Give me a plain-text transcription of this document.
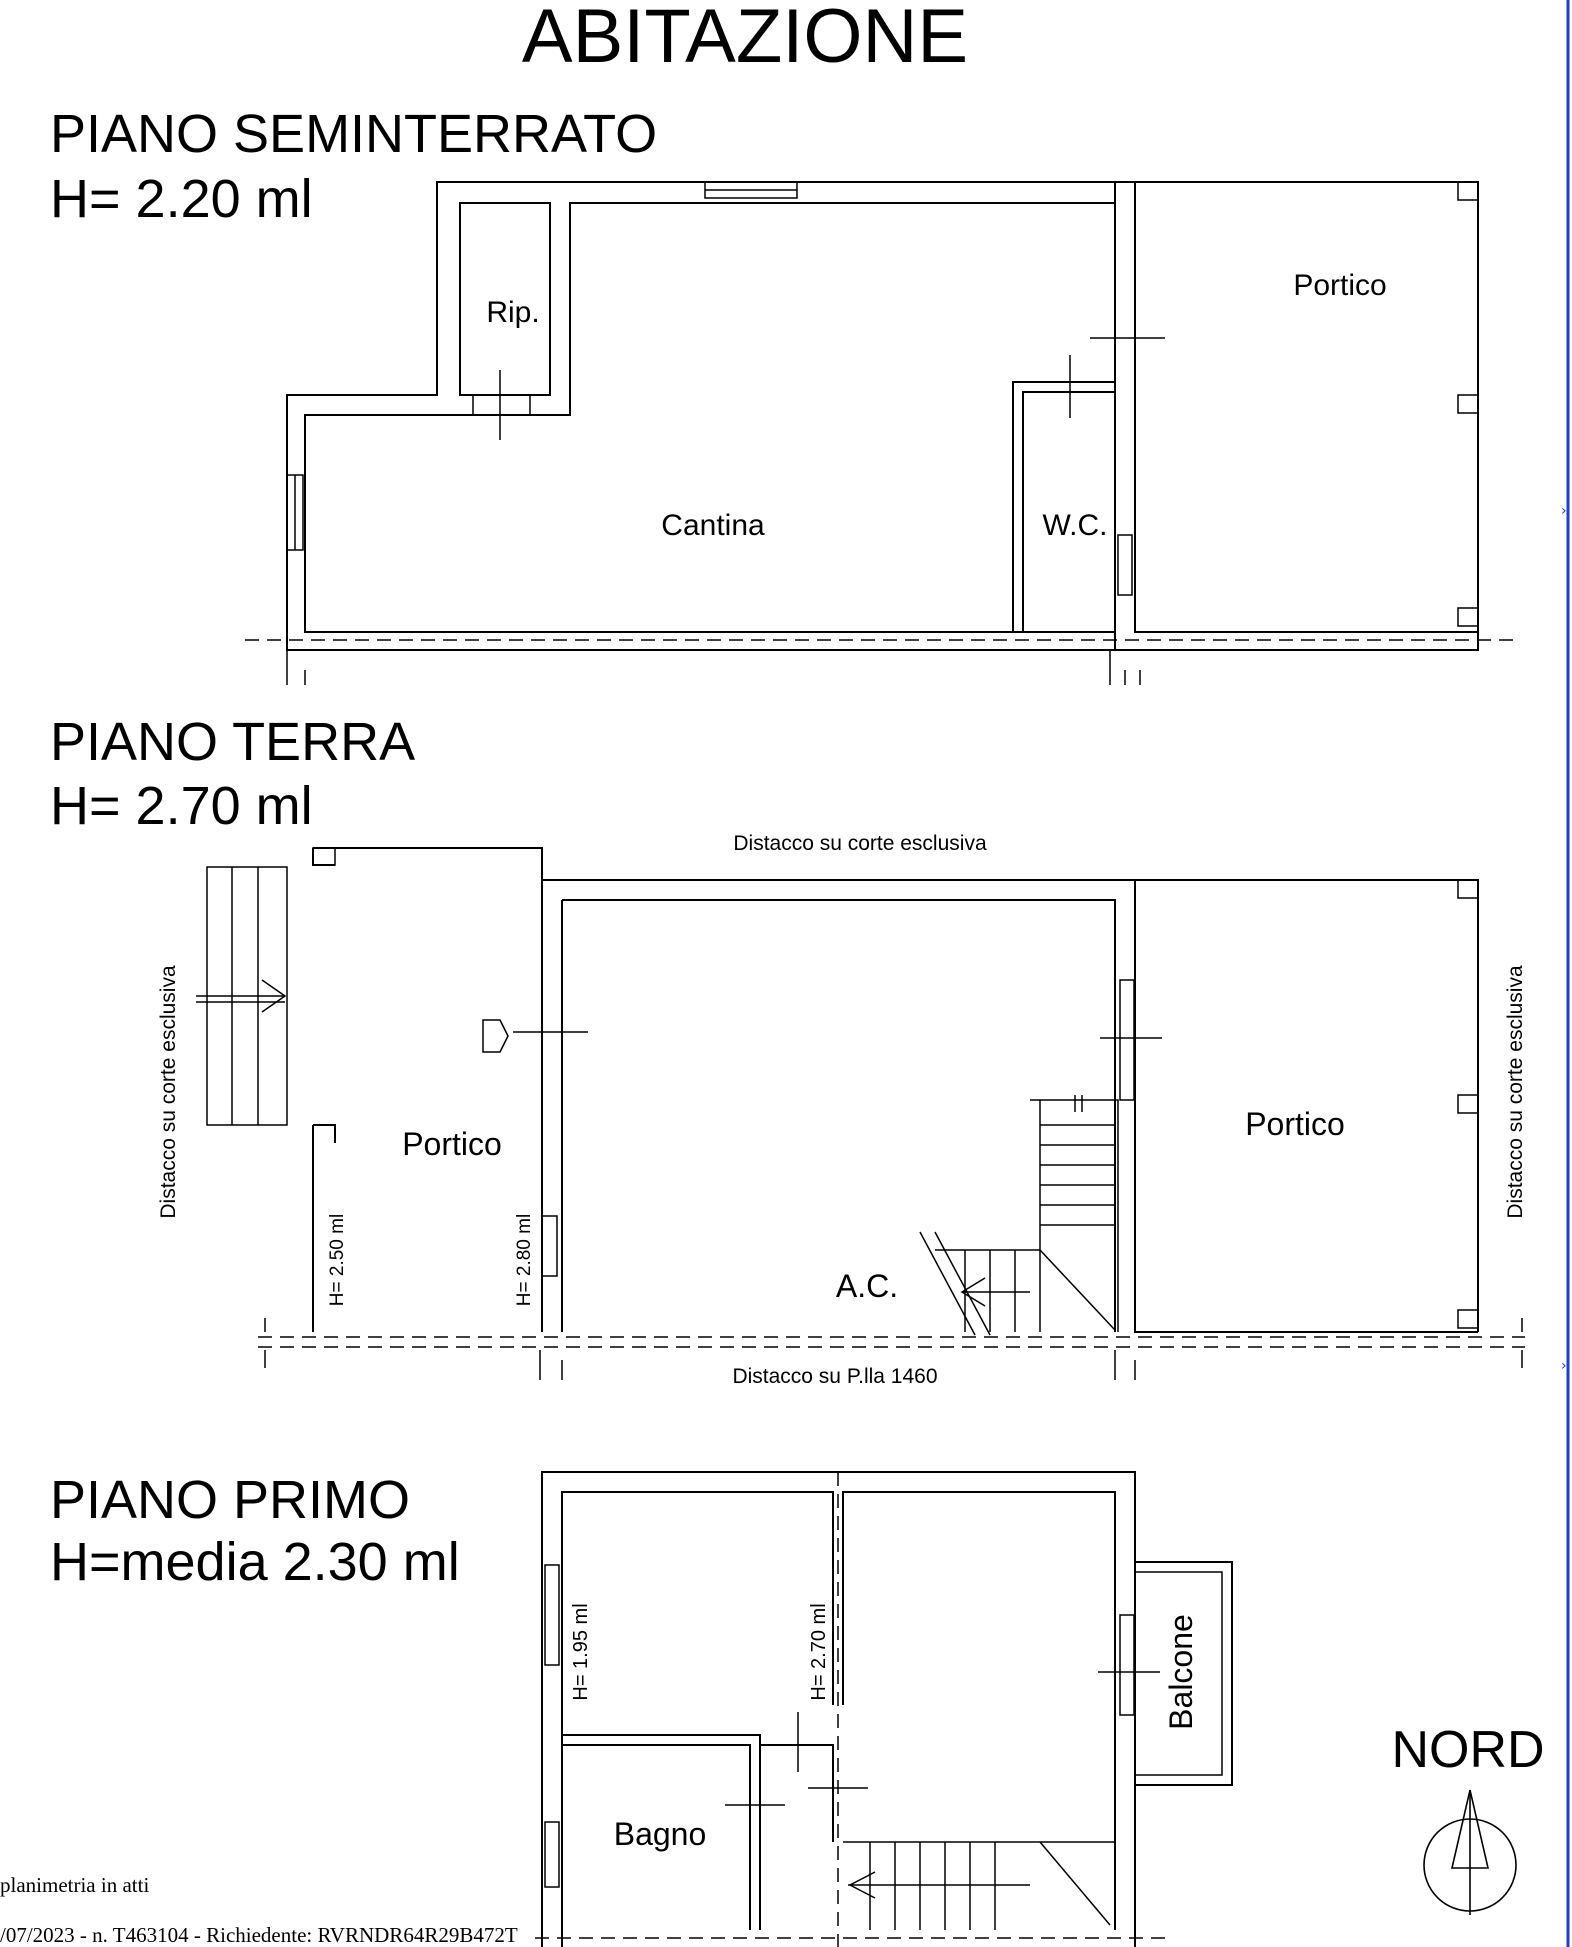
ABITAZIONE
PIANO SEMINTERRATO
H= 2.20 ml
PIANO TERRA
H= 2.70 ml
PIANO PRIMO
H=media 2.30 ml
Rip.
Cantina	W.C.
Portico
Distacco su corte esclusiva
Distacco su P.lla 1460
Distacco su corte esclusiva	Distacco su corte esclusiva
Portico
Portico
A.C.
H= 2.50 ml	H= 2.80 ml
Bagno
Balcone
H= 1.95 ml	H= 2.70 ml
NORD
›
›
planimetria in atti
/07/2023 - n. T463104 - Richiedente: RVRNDR64R29B472T
